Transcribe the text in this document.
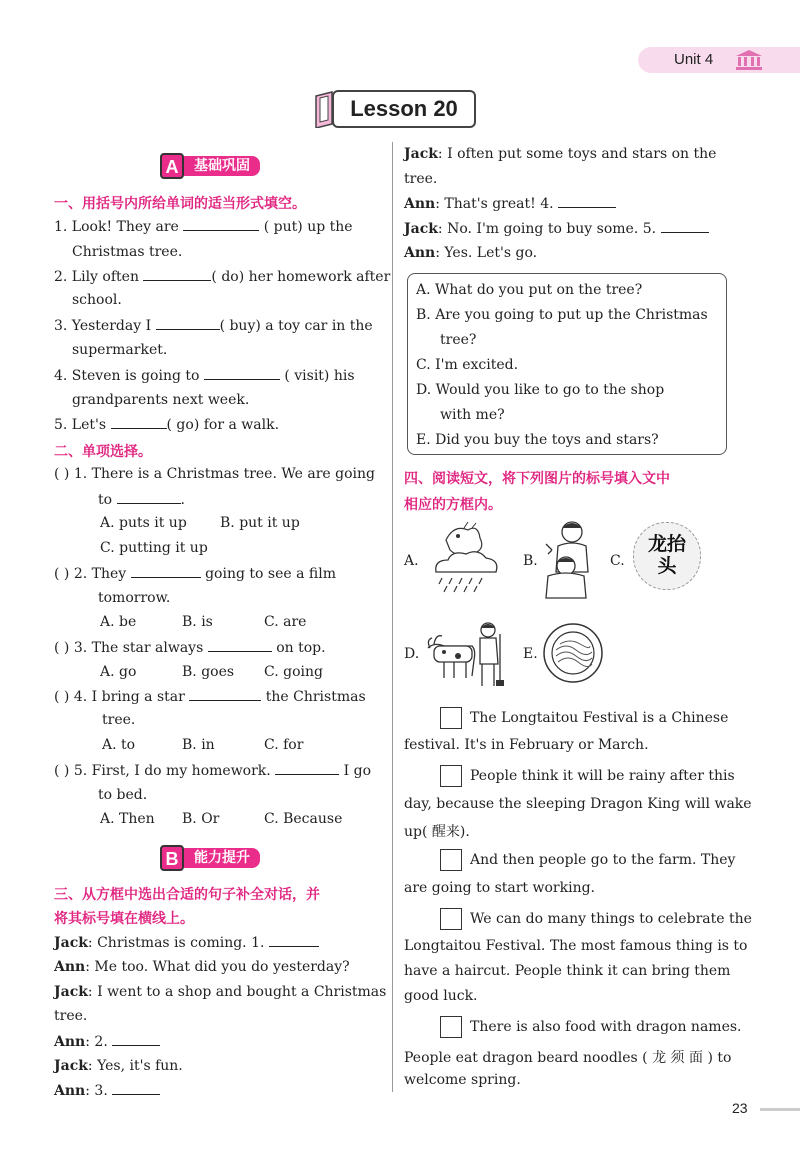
Unit 4
Lesson 20
A	基础巩固
一、用括号内所给单词的适当形式填空。
1. Look! They are	( put) up the
Christmas tree.
2. Lily often	( do) her homework after
school.
3. Yesterday I	( buy) a toy car in the
supermarket.
4. Steven is going to	( visit) his
grandparents next week.
5. Let's	( go) for a walk.
二、单项选择。
( ) 1. There is a Christmas tree. We are going
to	.
A. puts it up B. put it up
C. putting it up
( ) 2. They	going to see a film
tomorrow.
A. be	B. is	C. are
( ) 3. The star always	on top.
A. go	B. goes C. going
( ) 4. I bring a star	the Christmas
tree.
A. to	B. in	C. for
( ) 5. First, I do my homework.	I go
to bed.
A. Then B. Or	C. Because
B	能力提升
三、从方框中选出合适的句子补全对话，并
将其标号填在横线上。
Jack: Christmas is coming. 1.
Ann: Me too. What did you do yesterday?
Jack: I went to a shop and bought a Christmas
tree.
Ann: 2.
Jack: Yes, it's fun.
Ann: 3.
Jack: I often put some toys and stars on the
tree.
Ann: That's great! 4.
Jack: No. I'm going to buy some. 5.
Ann: Yes. Let's go.
A. What do you put on the tree?
B. Are you going to put up the Christmas
tree?
C. I'm excited.
D. Would you like to go to the shop
with me?
E. Did you buy the toys and stars?
四、阅读短文，将下列图片的标号填入文中
相应的方框内。
A.	B.	C.
龙抬头
D.	E.
The Longtaitou Festival is a Chinese
festival. It's in February or March.
People think it will be rainy after this
day, because the sleeping Dragon King will wake
up( 醒来).
And then people go to the farm. They
are going to start working.
We can do many things to celebrate the
Longtaitou Festival. The most famous thing is to
have a haircut. People think it can bring them
good luck.
There is also food with dragon names.
People eat dragon beard noodles ( 龙 须 面 ) to
welcome spring.
23
